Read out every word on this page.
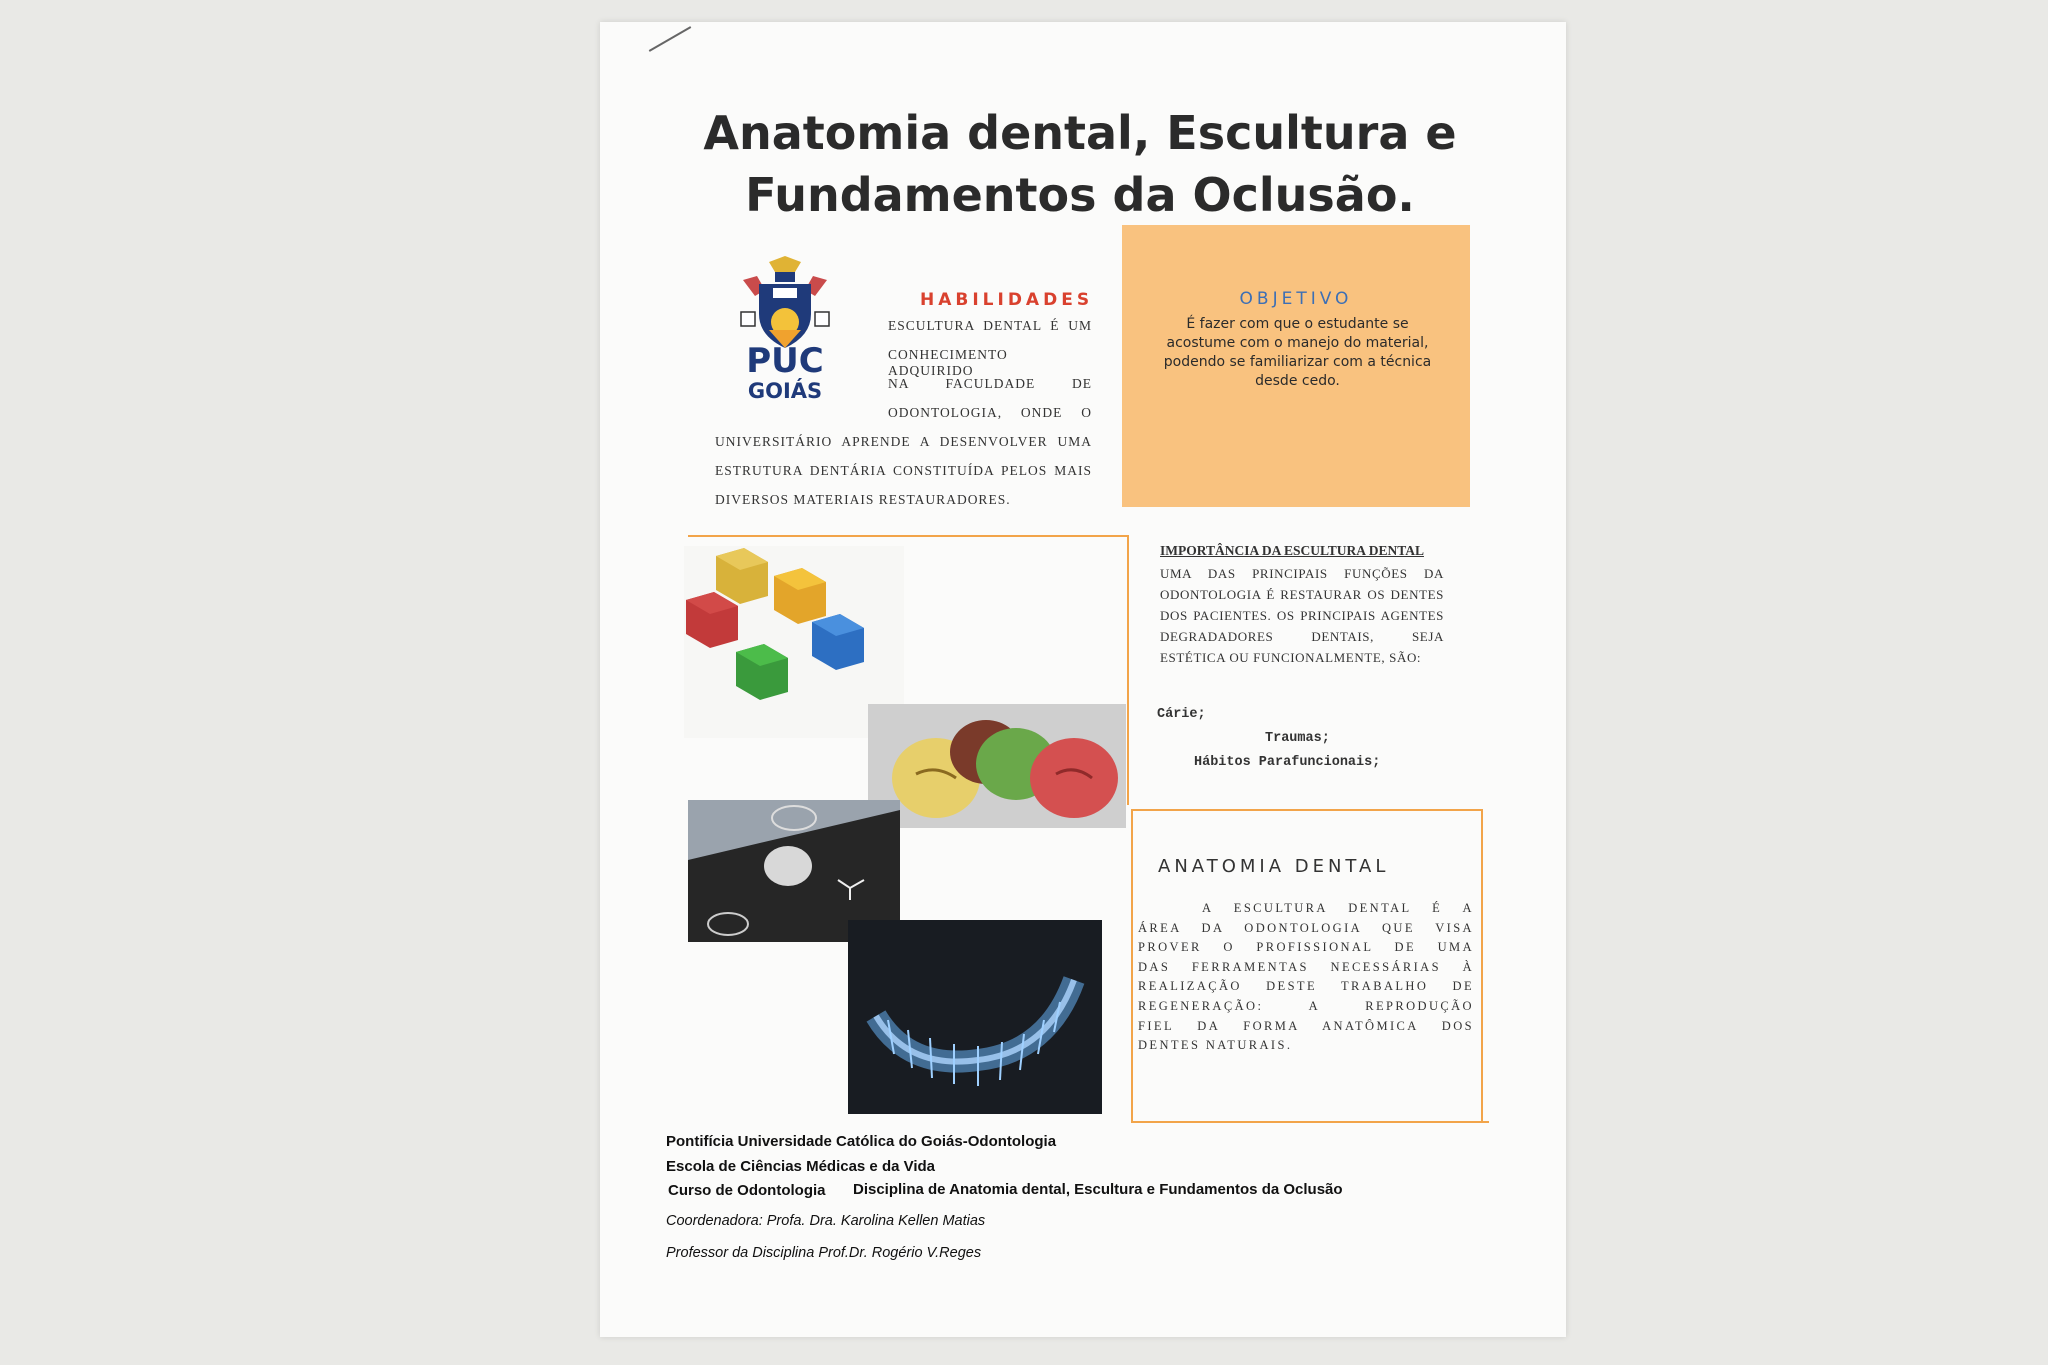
Anatomia dental, Escultura e
Fundamentos da Oclusão.
PUC
GOIÁS
HABILIDADES
ESCULTURA DENTAL É UM
CONHECIMENTO ADQUIRIDO
NA FACULDADE DE
ODONTOLOGIA, ONDE O
UNIVERSITÁRIO APRENDE A DESENVOLVER UMA
ESTRUTURA DENTÁRIA CONSTITUÍDA PELOS MAIS
DIVERSOS MATERIAIS RESTAURADORES.
OBJETIVO
É fazer com que o estudante se acostume com o manejo do material, podendo se familiarizar com a técnica desde cedo.
IMPORTÂNCIA DA ESCULTURA DENTAL
UMA DAS PRINCIPAIS FUNÇÕES DA
ODONTOLOGIA É RESTAURAR OS DENTES
DOS PACIENTES. OS PRINCIPAIS AGENTES
DEGRADADORES DENTAIS, SEJA
ESTÉTICA OU FUNCIONALMENTE, SÃO:
Cárie;
Traumas;
Hábitos Parafuncionais;
ANATOMIA DENTAL
A ESCULTURA DENTAL É A
ÁREA DA ODONTOLOGIA QUE VISA
PROVER O PROFISSIONAL DE UMA
DAS FERRAMENTAS NECESSÁRIAS À
REALIZAÇÃO DESTE TRABALHO DE
REGENERAÇÃO: A REPRODUÇÃO
FIEL DA FORMA ANATÔMICA DOS
DENTES NATURAIS.
Pontifícia Universidade Católica do Goiás-Odontologia
Escola de Ciências Médicas e da Vida
Curso de Odontologia Disciplina de Anatomia dental, Escultura e Fundamentos da Oclusão
Coordenadora: Profa. Dra. Karolina Kellen Matias
Professor da Disciplina Prof.Dr. Rogério V.Reges
